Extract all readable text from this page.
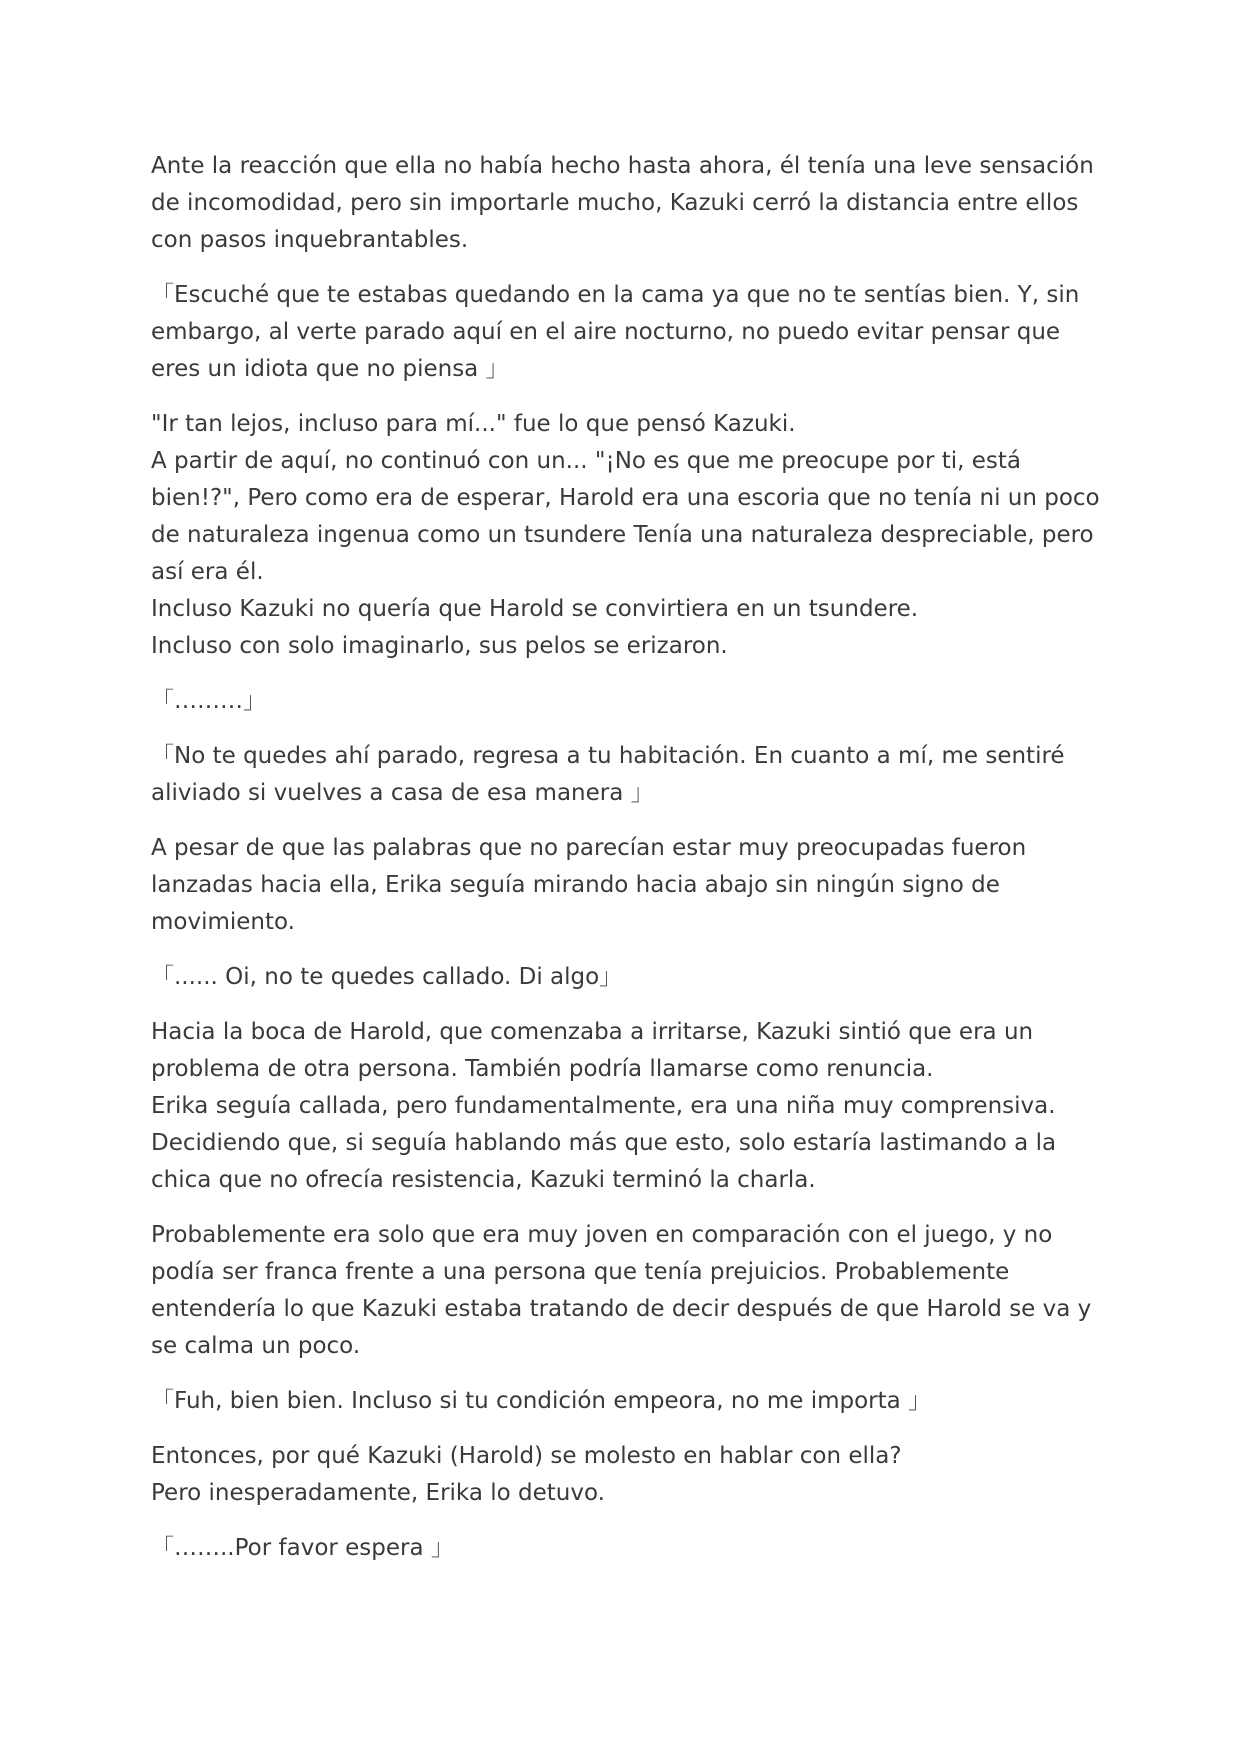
Ante la reacción que ella no había hecho hasta ahora, él tenía una leve sensación
de incomodidad, pero sin importarle mucho, Kazuki cerró la distancia entre ellos
con pasos inquebrantables.

「Escuché que te estabas quedando en la cama ya que no te sentías bien. Y, sin
embargo, al verte parado aquí en el aire nocturno, no puedo evitar pensar que
eres un idiota que no piensa 」

"Ir tan lejos, incluso para mí..." fue lo que pensó Kazuki.
A partir de aquí, no continuó con un... "¡No es que me preocupe por ti, está
bien!?", Pero como era de esperar, Harold era una escoria que no tenía ni un poco
de naturaleza ingenua como un tsundere Tenía una naturaleza despreciable, pero
así era él.
Incluso Kazuki no quería que Harold se convirtiera en un tsundere.
Incluso con solo imaginarlo, sus pelos se erizaron.

「………」

「No te quedes ahí parado, regresa a tu habitación. En cuanto a mí, me sentiré
aliviado si vuelves a casa de esa manera 」

A pesar de que las palabras que no parecían estar muy preocupadas fueron
lanzadas hacia ella, Erika seguía mirando hacia abajo sin ningún signo de
movimiento.

「...... Oi, no te quedes callado. Di algo」

Hacia la boca de Harold, que comenzaba a irritarse, Kazuki sintió que era un
problema de otra persona. También podría llamarse como renuncia.
Erika seguía callada, pero fundamentalmente, era una niña muy comprensiva.
Decidiendo que, si seguía hablando más que esto, solo estaría lastimando a la
chica que no ofrecía resistencia, Kazuki terminó la charla.

Probablemente era solo que era muy joven en comparación con el juego, y no
podía ser franca frente a una persona que tenía prejuicios. Probablemente
entendería lo que Kazuki estaba tratando de decir después de que Harold se va y
se calma un poco.

「Fuh, bien bien. Incluso si tu condición empeora, no me importa 」

Entonces, por qué Kazuki (Harold) se molesto en hablar con ella?
Pero inesperadamente, Erika lo detuvo.

「……..Por favor espera 」
